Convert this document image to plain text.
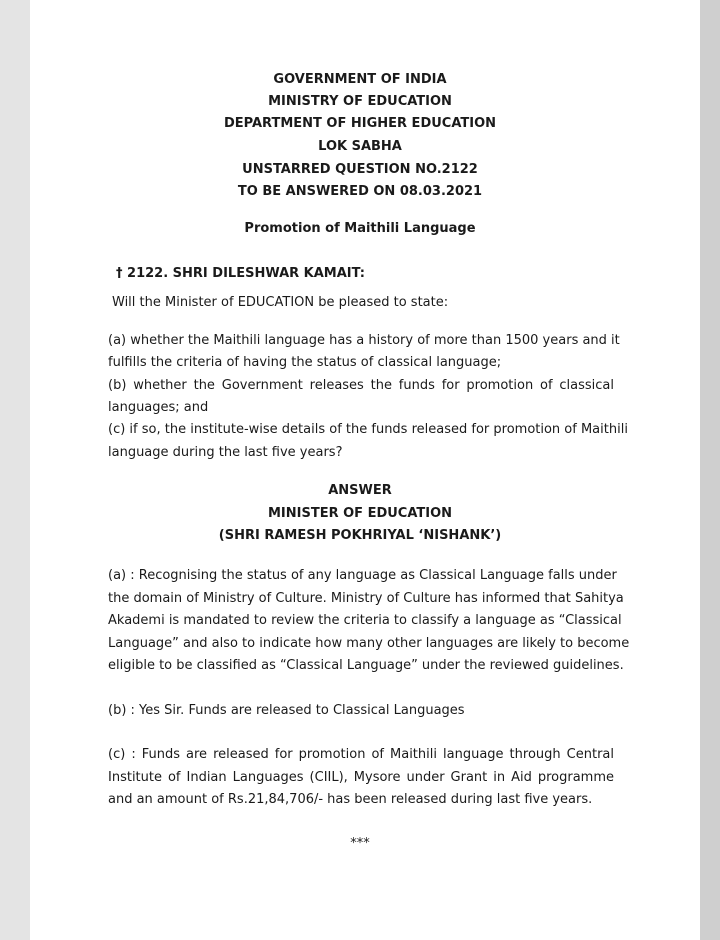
GOVERNMENT OF INDIA
MINISTRY OF EDUCATION
DEPARTMENT OF HIGHER EDUCATION
LOK SABHA
UNSTARRED QUESTION NO.2122
TO BE ANSWERED ON 08.03.2021
Promotion of Maithili Language
† 2122. SHRI DILESHWAR KAMAIT:
Will the Minister of EDUCATION be pleased to state:
(a) whether the Maithili language has a history of more than 1500 years and it
fulfills the criteria of having the status of classical language;
(b) whether the Government releases the funds for promotion of classical
languages; and
(c) if so, the institute-wise details of the funds released for promotion of Maithili
language during the last five years?
ANSWER
MINISTER OF EDUCATION
(SHRI RAMESH POKHRIYAL ‘NISHANK’)
(a) : Recognising the status of any language as Classical Language falls under
the domain of Ministry of Culture. Ministry of Culture has informed that Sahitya
Akademi is mandated to review the criteria to classify a language as “Classical
Language” and also to indicate how many other languages are likely to become
eligible to be classified as “Classical Language” under the reviewed guidelines.
(b) : Yes Sir. Funds are released to Classical Languages
(c) : Funds are released for promotion of Maithili language through Central
Institute of Indian Languages (CIIL), Mysore under Grant in Aid programme
and an amount of Rs.21,84,706/- has been released during last five years.
***
